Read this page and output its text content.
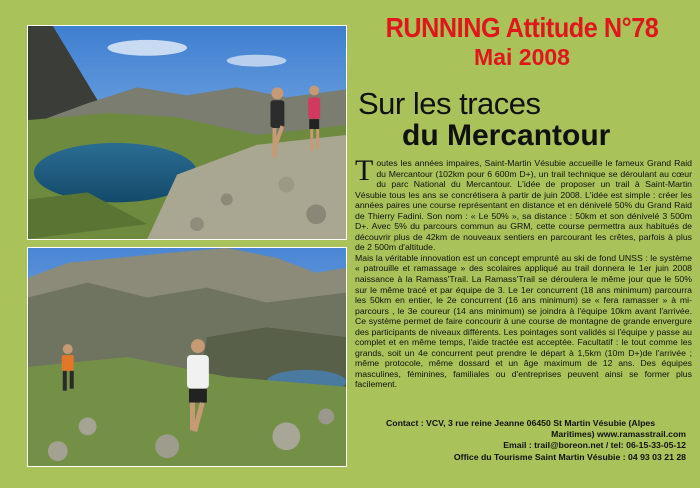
RUNNING Attitude N°78
Mai 2008
Sur les traces
du Mercantour

Toutes les années impaires, Saint-Martin Vésubie accueille le fameux Grand Raid du Mercantour (102km pour 6 600m D+), un trail technique se déroulant au cœur du parc National du Mercantour. L'idée de proposer un trail à Saint-Martin Vésubie tous les ans se concrétisera à partir de juin 2008. L'idée est simple : créer les années paires une course représentant en distance et en dénivelé 50% du Grand Raid de Thierry Fadini. Son nom : « Le 50% », sa distance : 50km et son dénivelé 3 500m D+. Avec 5% du parcours commun au GRM, cette course permettra aux habitués de découvrir plus de 42km de nouveaux sentiers en parcourant les crêtes, parfois à plus de 2 500m d'altitude.

Mais la véritable innovation est un concept emprunté au ski de fond UNSS : le système « patrouille et ramassage » des scolaires appliqué au trail donnera le 1er juin 2008 naissance à la Ramass'Trail. La Ramass'Trail se déroulera le même jour que le 50% sur le même tracé et par équipe de 3. Le 1er concurrent (18 ans minimum) parcourra les 50km en entier, le 2e concurrent (16 ans minimum) se « fera ramasser » à mi-parcours , le 3e coureur (14 ans minimum) se joindra à l'équipe 10km avant l'arrivée. Ce système permet de faire concourir à une course de montagne de grande envergure des participants de niveaux différents. Les pointages sont validés si l'équipe y passe au complet et en même temps, l'aide tractée est acceptée. Facultatif : le tout comme les grands, soit un 4e concurrent peut prendre le départ à 1,5km (10m D+)de l'arrivée ; même protocole, même dossard et un âge maximum de 12 ans. Des équipes masculines, féminines, familiales ou d'entreprises peuvent ainsi se former plus facilement.

Contact : VCV, 3 rue reine Jeanne 06450 St Martin Vésubie (Alpes
Maritimes) www.ramasstrail.com
Email : trail@boreon.net / tel: 06-15-33-05-12
Office du Tourisme Saint Martin Vésubie : 04 93 03 21 28
